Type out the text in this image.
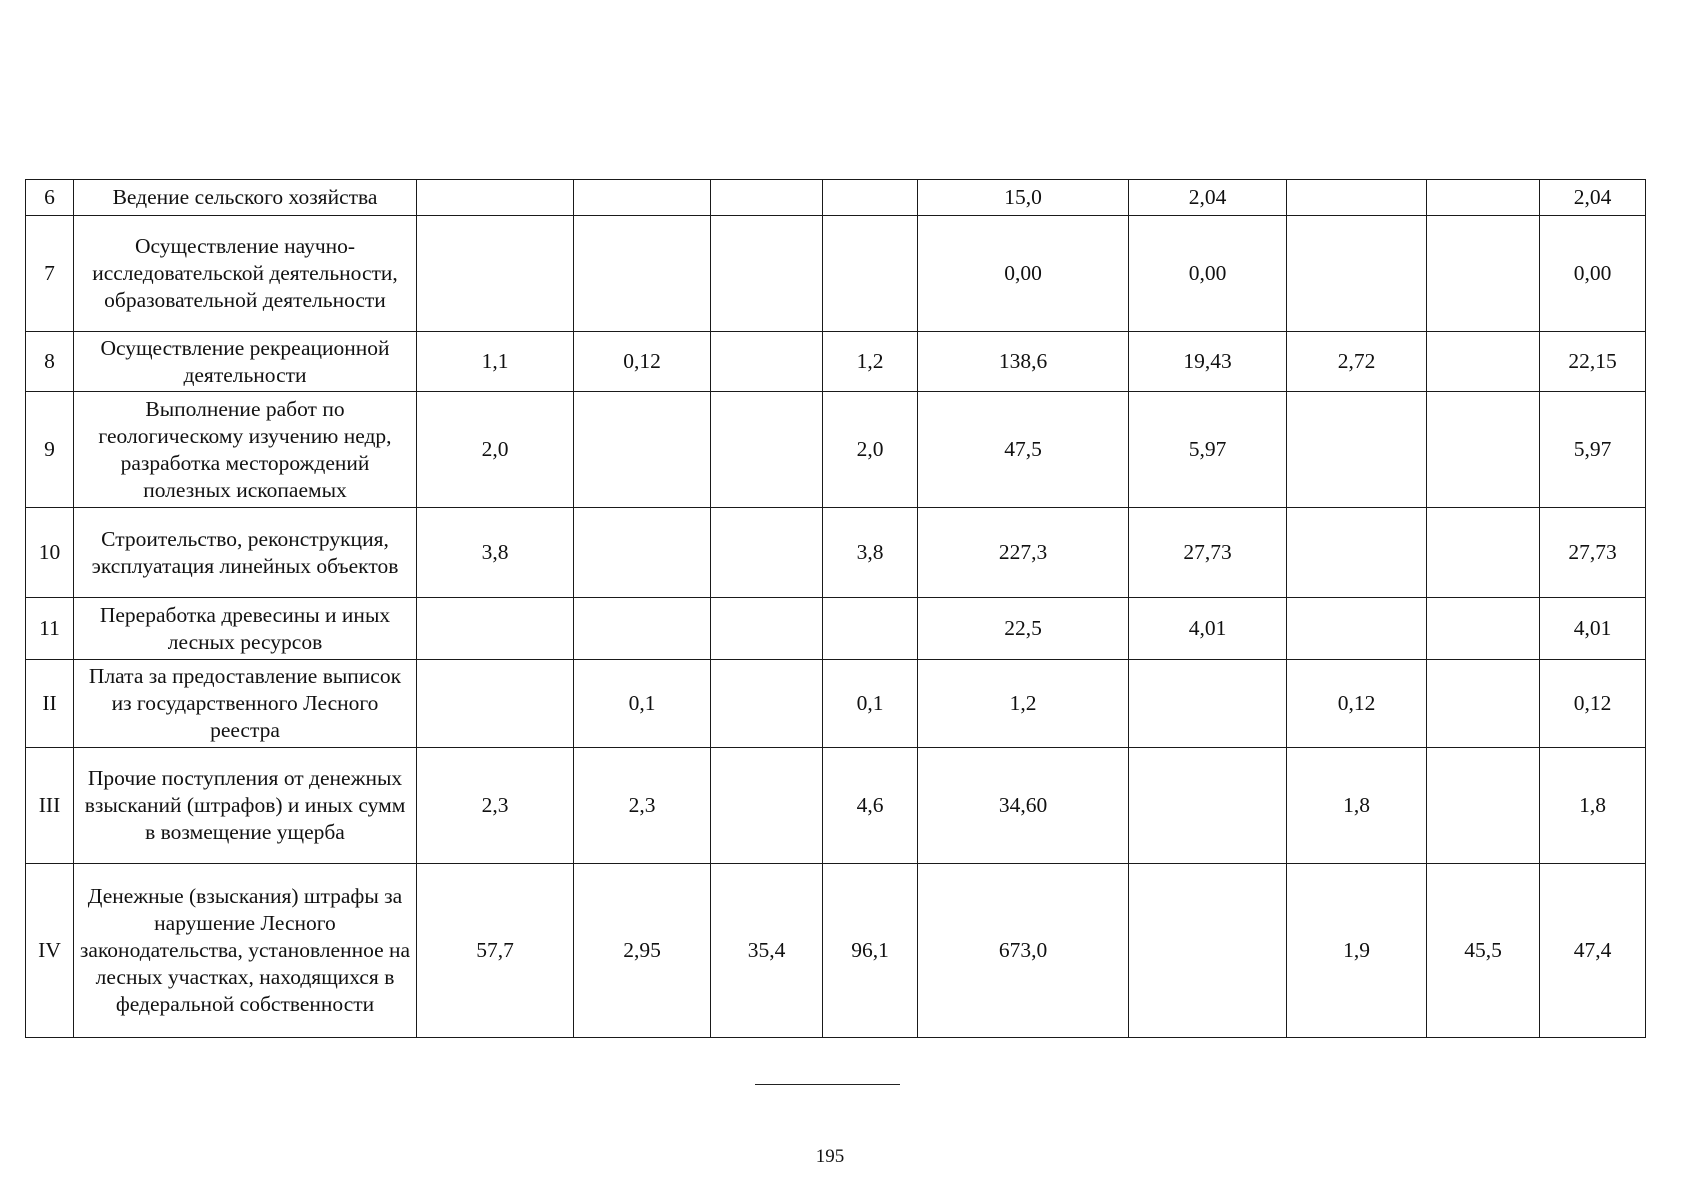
6	Ведение сельского хозяйства					15,0	2,04			2,04
7	Осуществление научно-исследовательской деятельности, образовательной деятельности					0,00	0,00			0,00
8	Осуществление рекреационной деятельности	1,1	0,12		1,2	138,6	19,43	2,72		22,15
9	Выполнение работ по геологическому изучению недр, разработка месторождений полезных ископаемых	2,0			2,0	47,5	5,97			5,97
10	Строительство, реконструкция, эксплуатация линейных объектов	3,8			3,8	227,3	27,73			27,73
11	Переработка древесины и иных лесных ресурсов					22,5	4,01			4,01
II	Плата за предоставление выписок из государственного Лесного реестра		0,1		0,1	1,2		0,12		0,12
III	Прочие поступления от денежных взысканий (штрафов) и иных сумм в возмещение ущерба	2,3	2,3		4,6	34,60		1,8		1,8
IV	Денежные (взыскания) штрафы за нарушение Лесного законодательства, установленное на лесных участках, находящихся в федеральной собственности	57,7	2,95	35,4	96,1	673,0		1,9	45,5	47,4
195
